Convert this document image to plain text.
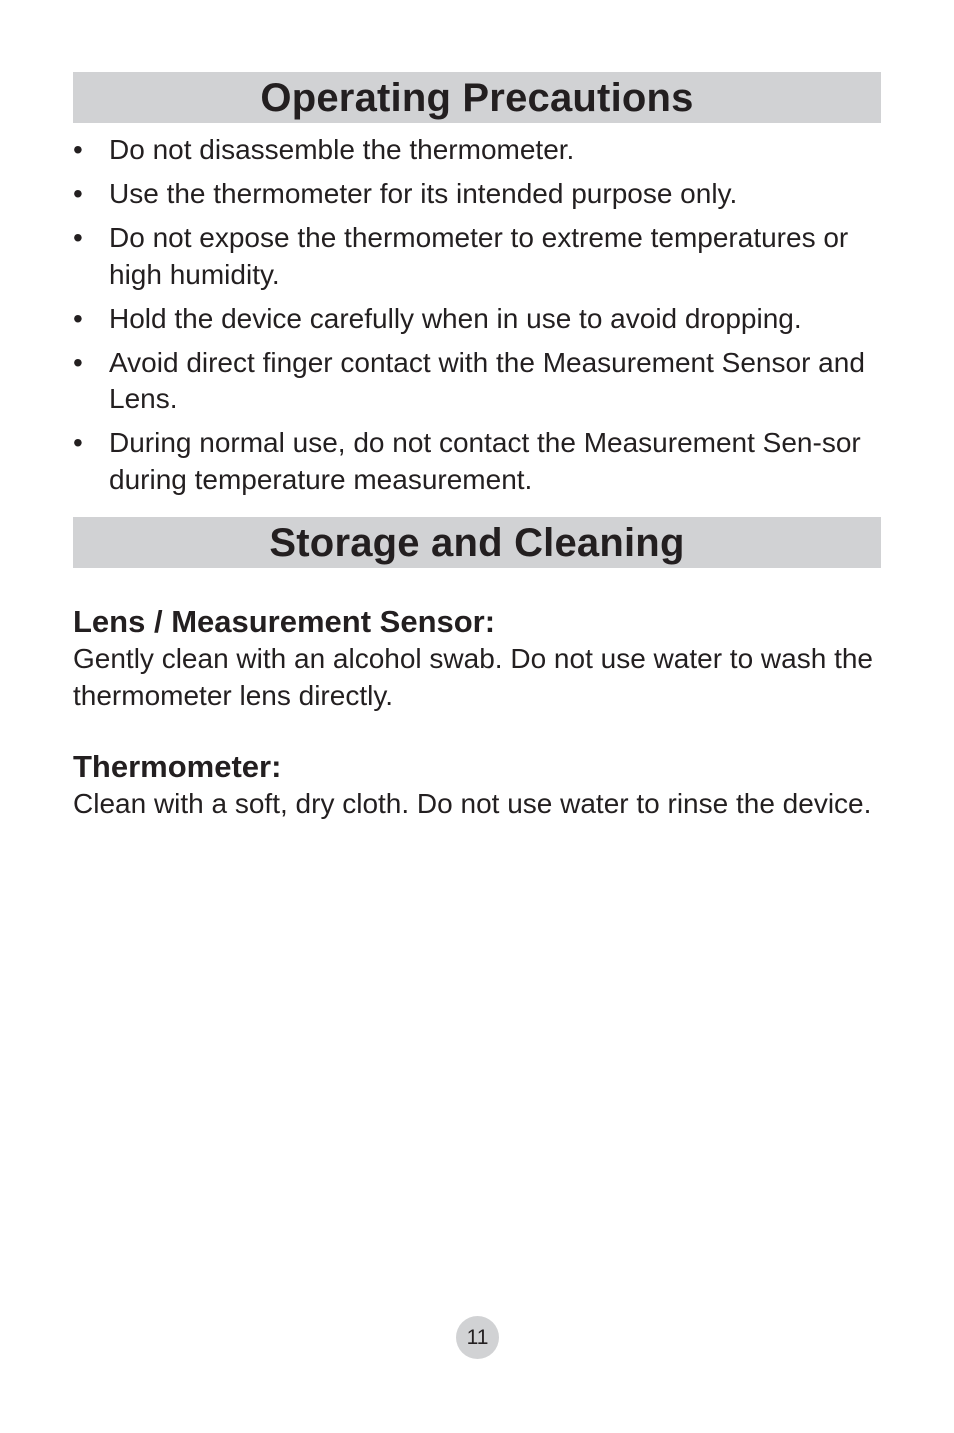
Operating Precautions
• Do not disassemble the thermometer.
• Use the thermometer for its intended purpose only.
• Do not expose the thermometer to extreme temperatures or high humidity.
• Hold the device carefully when in use to avoid dropping.
• Avoid direct finger contact with the Measurement Sensor and Lens.
• During normal use, do not contact the Measurement Sen-sor during temperature measurement.
Storage and Cleaning
Lens / Measurement Sensor:

Gently clean with an alcohol swab. Do not use water to wash the thermometer lens directly.

Thermometer:

Clean with a soft, dry cloth. Do not use water to rinse the device.

11
